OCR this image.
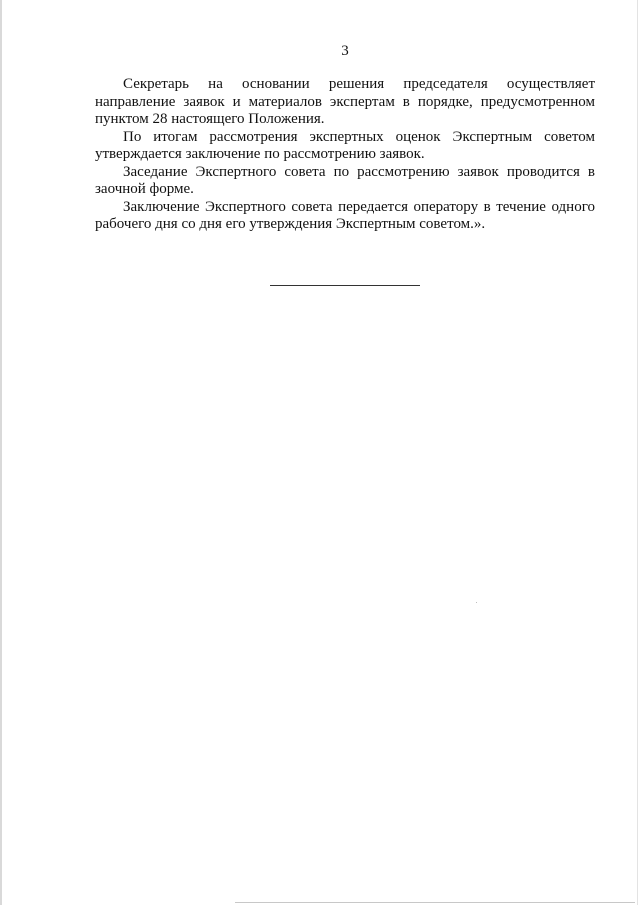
3

Секретарь на основании решения председателя осуществляет направление заявок и материалов экспертам в порядке, предусмотренном пунктом 28 настоящего Положения.

По итогам рассмотрения экспертных оценок Экспертным советом утверждается заключение по рассмотрению заявок.

Заседание Экспертного совета по рассмотрению заявок проводится в заочной форме.

Заключение Экспертного совета передается оператору в течение одного рабочего дня со дня его утверждения Экспертным советом.».
